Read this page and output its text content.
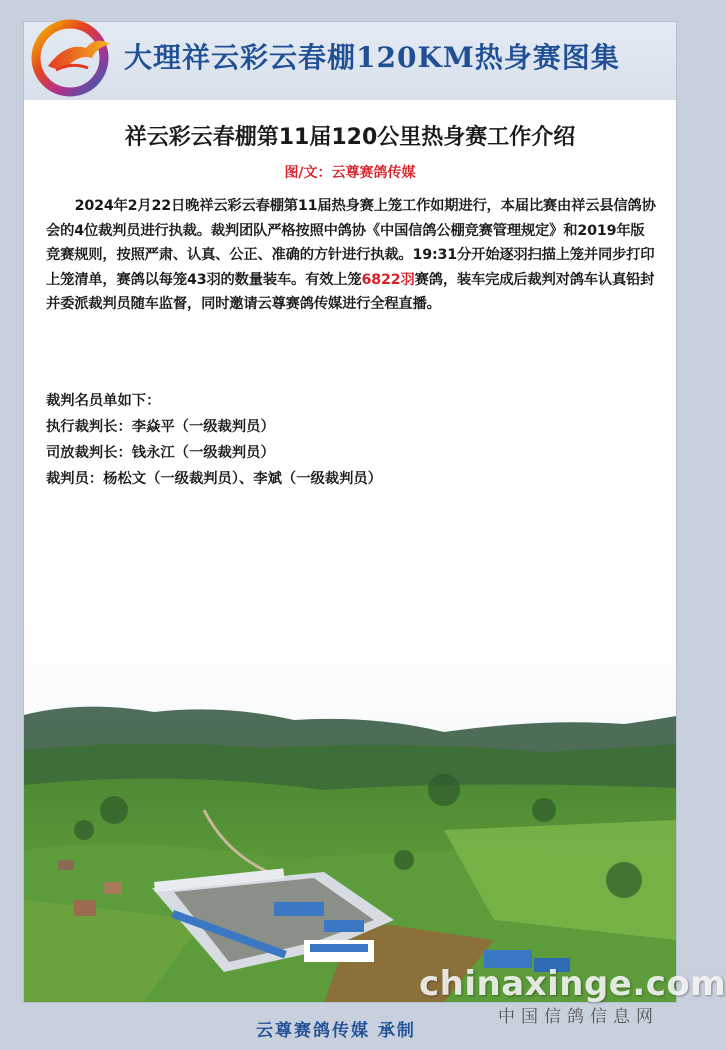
大理祥云彩云春棚120KM热身赛图集
祥云彩云春棚第11届120公里热身赛工作介绍
图/文：云尊赛鸽传媒
2024年2月22日晚祥云彩云春棚第11届热身赛上笼工作如期进行，本届比赛由祥云县信鸽协会的4位裁判员进行执裁。裁判团队严格按照中鸽协《中国信鸽公棚竞赛管理规定》和2019年版竞赛规则，按照严肃、认真、公正、准确的方针进行执裁。19:31分开始逐羽扫描上笼并同步打印上笼清单，赛鸽以每笼43羽的数量装车。有效上笼6822羽赛鸽，装车完成后裁判对鸽车认真铅封并委派裁判员随车监督，同时邀请云尊赛鸽传媒进行全程直播。
裁判名员单如下：
执行裁判长：李焱平（一级裁判员）
司放裁判长：钱永江（一级裁判员）
裁判员：杨松文（一级裁判员）、李斌（一级裁判员）
chinaxinge.com
云尊赛鸽传媒 承制
中国信鸽信息网
